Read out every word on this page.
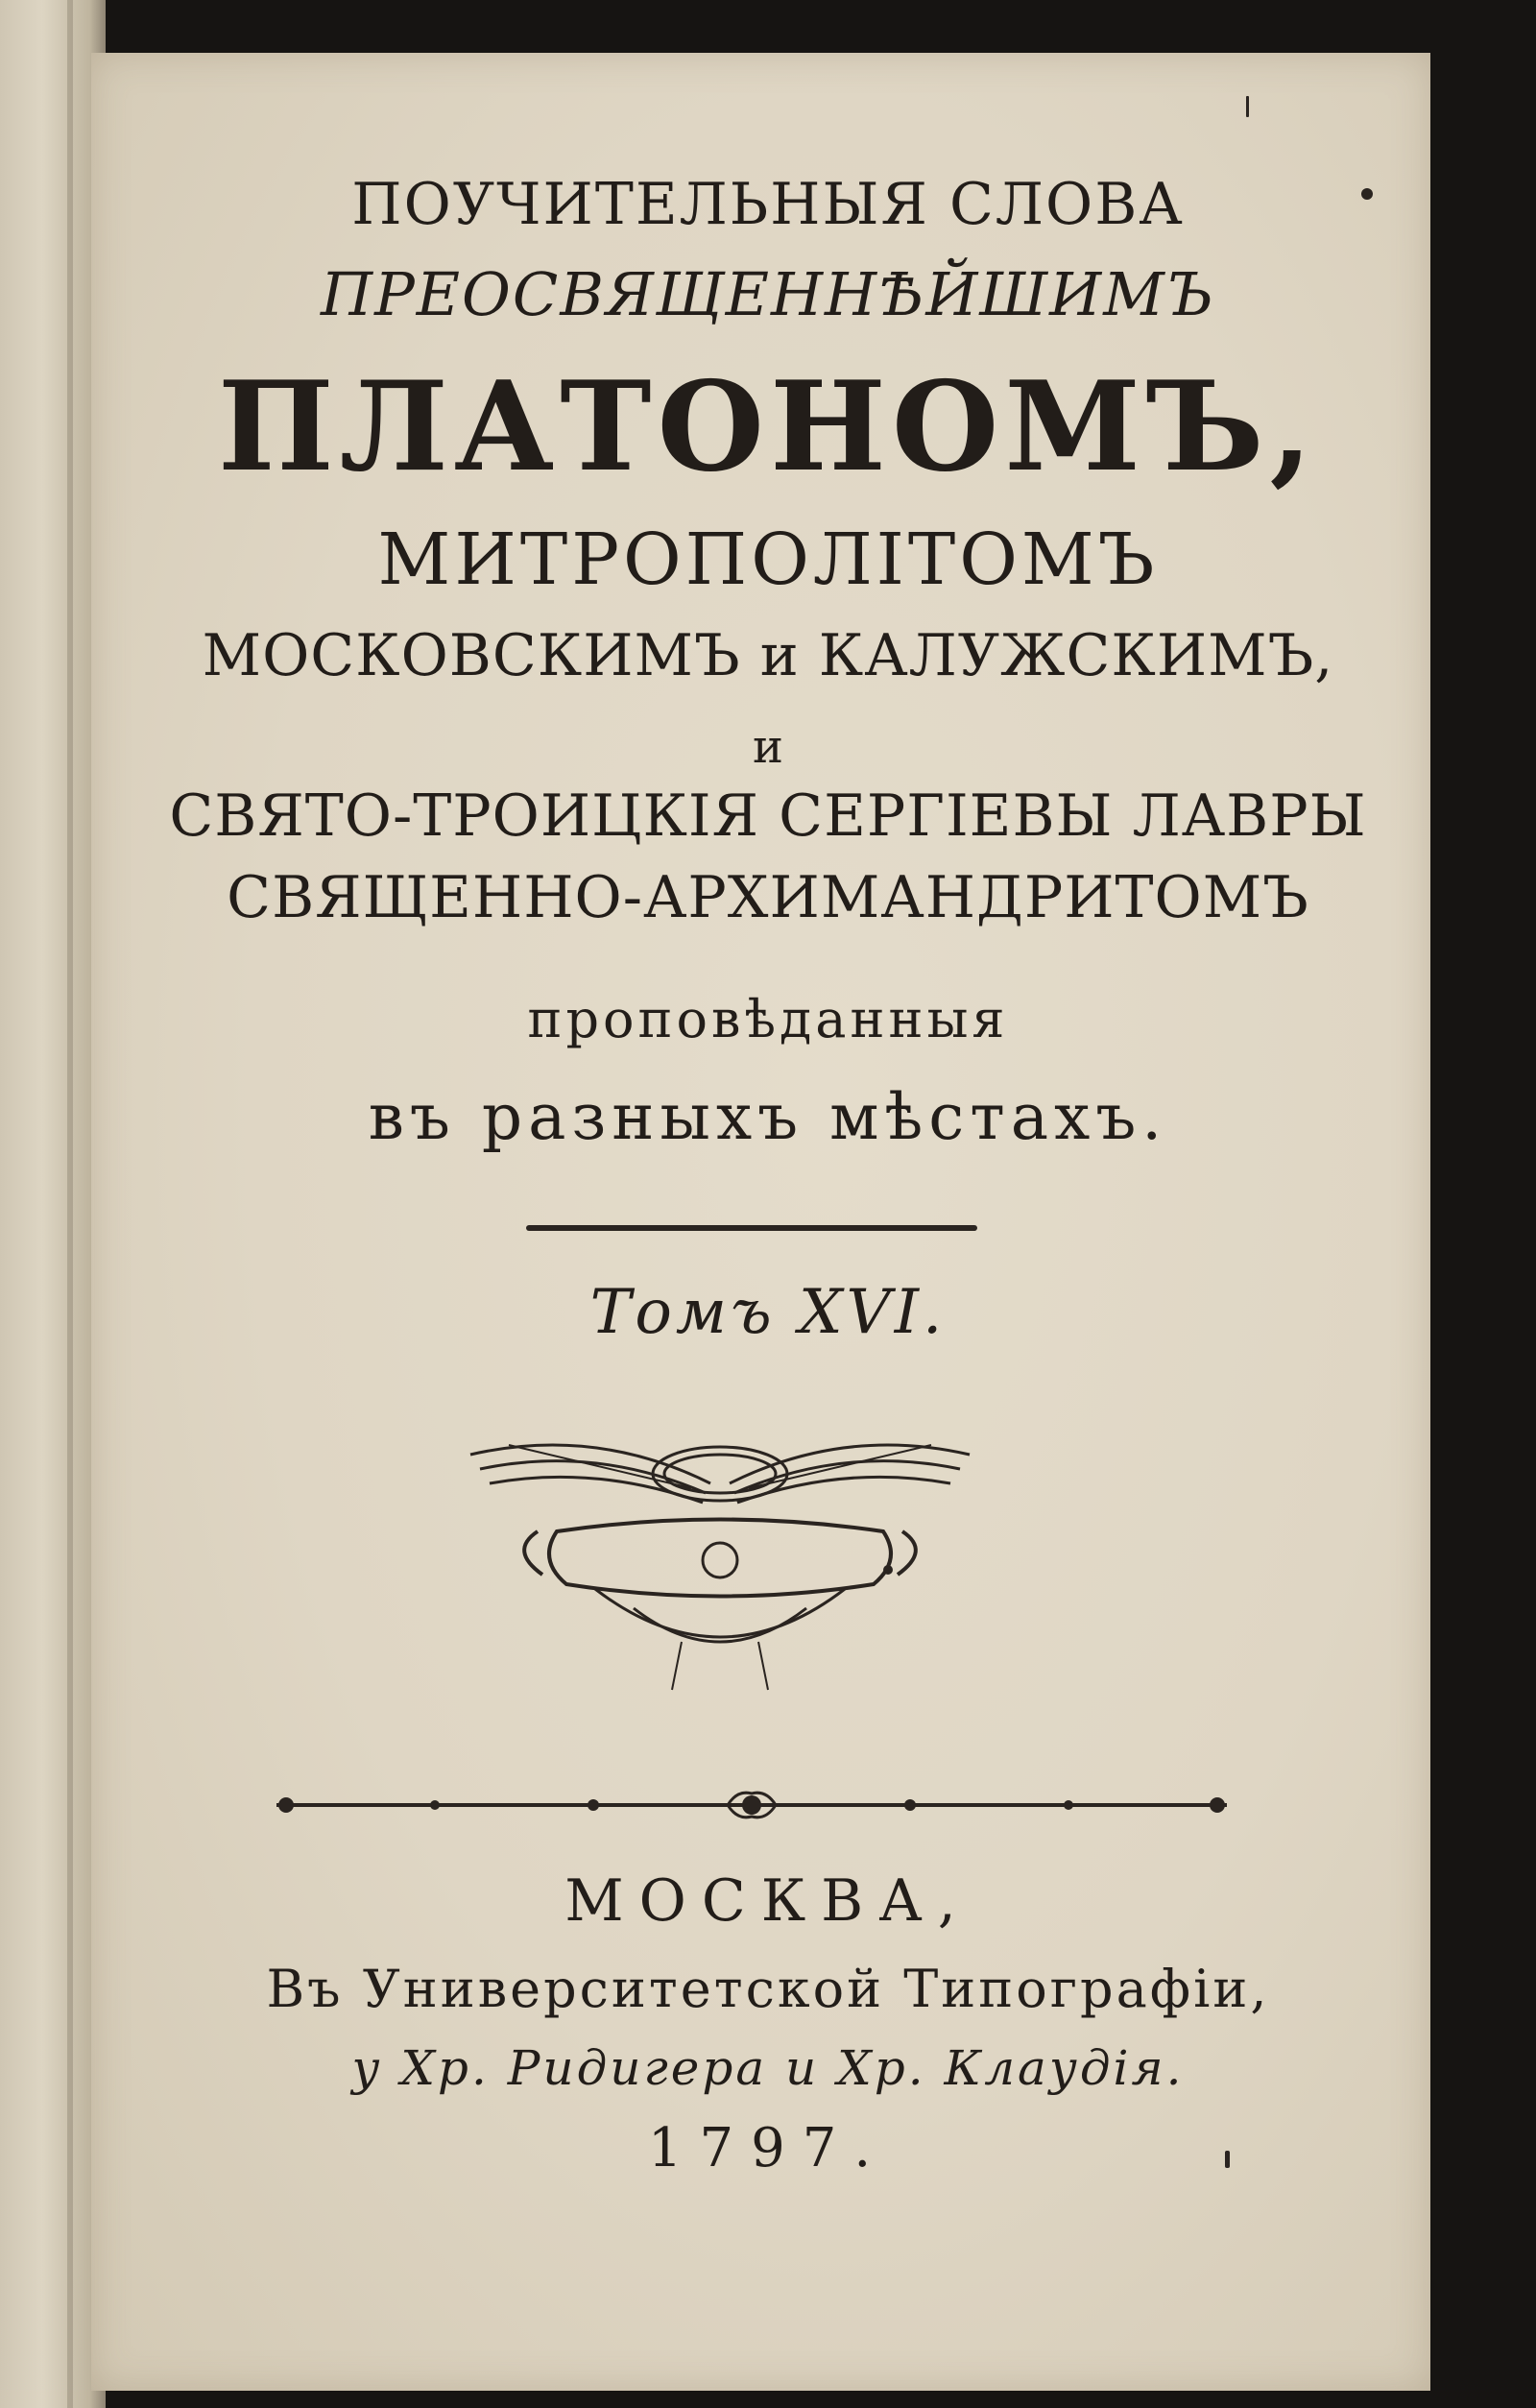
ПОУЧИТЕЛЬНЫЯ СЛОВА
ПРЕОСВЯЩЕННѢЙШИМЪ
ПЛАТОНОМЪ,
МИТРОПОЛІТОМЪ
МОСКОВСКИМЪ и КАЛУЖСКИМЪ,
и
СВЯТО-ТРОИЦКІЯ СЕРГІЕВЫ ЛАВРЫ
СВЯЩЕННО-АРХИМАНДРИТОМЪ
проповѣданныя
въ разныхъ мѣстахъ.
Томъ XVI.
МОСКВА,
Въ Университетской Типографіи,
у Хр. Ридигера и Хр. Клаудія.
1797.
